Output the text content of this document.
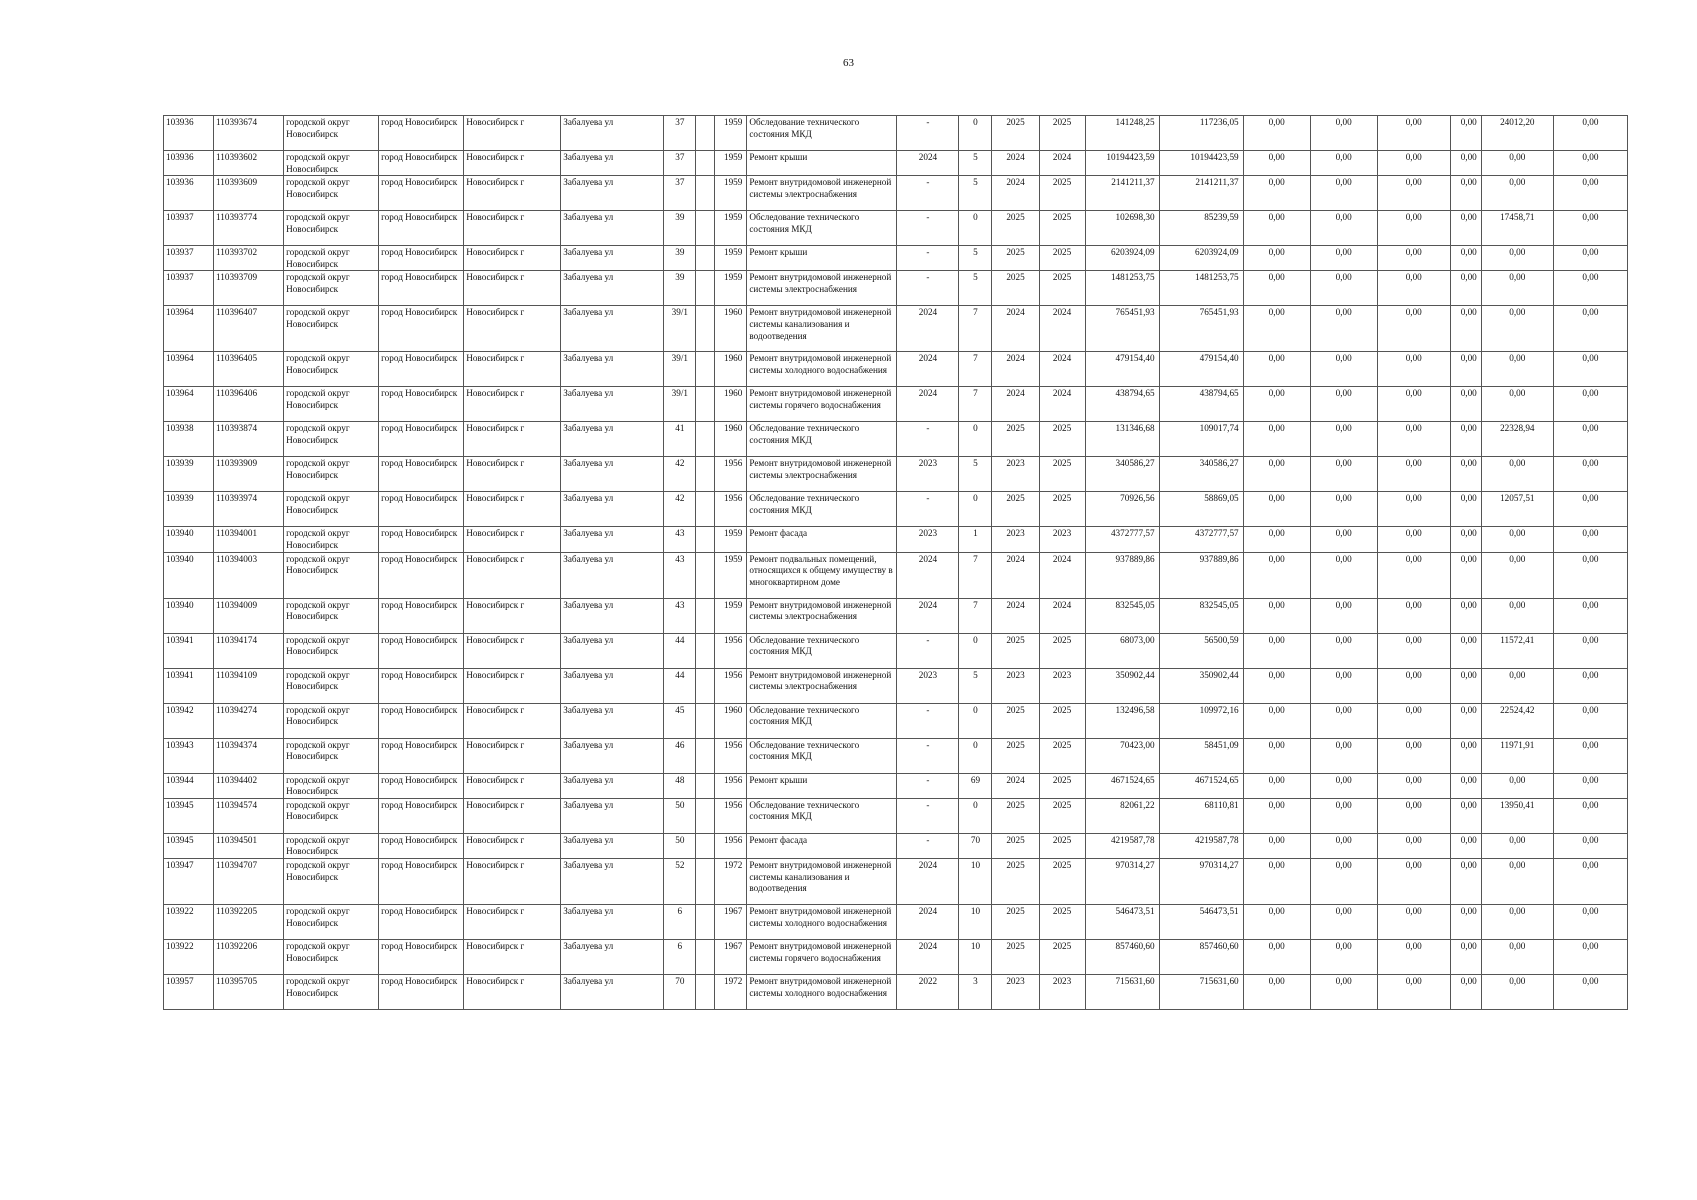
63
103936	110393674	городской округ Новосибирск	город Новосибирск	Новосибирск г	Забалуева ул	37		1959	Обследование технического состояния МКД	-	0	2025	2025	141248,25	117236,05	0,00	0,00	0,00	0,00	24012,20	0,00
103936	110393602	городской округ Новосибирск	город Новосибирск	Новосибирск г	Забалуева ул	37		1959	Ремонт крыши	2024	5	2024	2024	10194423,59	10194423,59	0,00	0,00	0,00	0,00	0,00	0,00
103936	110393609	городской округ Новосибирск	город Новосибирск	Новосибирск г	Забалуева ул	37		1959	Ремонт внутридомовой инженерной системы электроснабжения	-	5	2024	2025	2141211,37	2141211,37	0,00	0,00	0,00	0,00	0,00	0,00
103937	110393774	городской округ Новосибирск	город Новосибирск	Новосибирск г	Забалуева ул	39		1959	Обследование технического состояния МКД	-	0	2025	2025	102698,30	85239,59	0,00	0,00	0,00	0,00	17458,71	0,00
103937	110393702	городской округ Новосибирск	город Новосибирск	Новосибирск г	Забалуева ул	39		1959	Ремонт крыши	-	5	2025	2025	6203924,09	6203924,09	0,00	0,00	0,00	0,00	0,00	0,00
103937	110393709	городской округ Новосибирск	город Новосибирск	Новосибирск г	Забалуева ул	39		1959	Ремонт внутридомовой инженерной системы электроснабжения	-	5	2025	2025	1481253,75	1481253,75	0,00	0,00	0,00	0,00	0,00	0,00
103964	110396407	городской округ Новосибирск	город Новосибирск	Новосибирск г	Забалуева ул	39/1		1960	Ремонт внутридомовой инженерной системы канализования и водоотведения	2024	7	2024	2024	765451,93	765451,93	0,00	0,00	0,00	0,00	0,00	0,00
103964	110396405	городской округ Новосибирск	город Новосибирск	Новосибирск г	Забалуева ул	39/1		1960	Ремонт внутридомовой инженерной системы холодного водоснабжения	2024	7	2024	2024	479154,40	479154,40	0,00	0,00	0,00	0,00	0,00	0,00
103964	110396406	городской округ Новосибирск	город Новосибирск	Новосибирск г	Забалуева ул	39/1		1960	Ремонт внутридомовой инженерной системы горячего водоснабжения	2024	7	2024	2024	438794,65	438794,65	0,00	0,00	0,00	0,00	0,00	0,00
103938	110393874	городской округ Новосибирск	город Новосибирск	Новосибирск г	Забалуева ул	41		1960	Обследование технического состояния МКД	-	0	2025	2025	131346,68	109017,74	0,00	0,00	0,00	0,00	22328,94	0,00
103939	110393909	городской округ Новосибирск	город Новосибирск	Новосибирск г	Забалуева ул	42		1956	Ремонт внутридомовой инженерной системы электроснабжения	2023	5	2023	2025	340586,27	340586,27	0,00	0,00	0,00	0,00	0,00	0,00
103939	110393974	городской округ Новосибирск	город Новосибирск	Новосибирск г	Забалуева ул	42		1956	Обследование технического состояния МКД	-	0	2025	2025	70926,56	58869,05	0,00	0,00	0,00	0,00	12057,51	0,00
103940	110394001	городской округ Новосибирск	город Новосибирск	Новосибирск г	Забалуева ул	43		1959	Ремонт фасада	2023	1	2023	2023	4372777,57	4372777,57	0,00	0,00	0,00	0,00	0,00	0,00
103940	110394003	городской округ Новосибирск	город Новосибирск	Новосибирск г	Забалуева ул	43		1959	Ремонт подвальных помещений, относящихся к общему имуществу в многоквартирном доме	2024	7	2024	2024	937889,86	937889,86	0,00	0,00	0,00	0,00	0,00	0,00
103940	110394009	городской округ Новосибирск	город Новосибирск	Новосибирск г	Забалуева ул	43		1959	Ремонт внутридомовой инженерной системы электроснабжения	2024	7	2024	2024	832545,05	832545,05	0,00	0,00	0,00	0,00	0,00	0,00
103941	110394174	городской округ Новосибирск	город Новосибирск	Новосибирск г	Забалуева ул	44		1956	Обследование технического состояния МКД	-	0	2025	2025	68073,00	56500,59	0,00	0,00	0,00	0,00	11572,41	0,00
103941	110394109	городской округ Новосибирск	город Новосибирск	Новосибирск г	Забалуева ул	44		1956	Ремонт внутридомовой инженерной системы электроснабжения	2023	5	2023	2023	350902,44	350902,44	0,00	0,00	0,00	0,00	0,00	0,00
103942	110394274	городской округ Новосибирск	город Новосибирск	Новосибирск г	Забалуева ул	45		1960	Обследование технического состояния МКД	-	0	2025	2025	132496,58	109972,16	0,00	0,00	0,00	0,00	22524,42	0,00
103943	110394374	городской округ Новосибирск	город Новосибирск	Новосибирск г	Забалуева ул	46		1956	Обследование технического состояния МКД	-	0	2025	2025	70423,00	58451,09	0,00	0,00	0,00	0,00	11971,91	0,00
103944	110394402	городской округ Новосибирск	город Новосибирск	Новосибирск г	Забалуева ул	48		1956	Ремонт крыши	-	69	2024	2025	4671524,65	4671524,65	0,00	0,00	0,00	0,00	0,00	0,00
103945	110394574	городской округ Новосибирск	город Новосибирск	Новосибирск г	Забалуева ул	50		1956	Обследование технического состояния МКД	-	0	2025	2025	82061,22	68110,81	0,00	0,00	0,00	0,00	13950,41	0,00
103945	110394501	городской округ Новосибирск	город Новосибирск	Новосибирск г	Забалуева ул	50		1956	Ремонт фасада	-	70	2025	2025	4219587,78	4219587,78	0,00	0,00	0,00	0,00	0,00	0,00
103947	110394707	городской округ Новосибирск	город Новосибирск	Новосибирск г	Забалуева ул	52		1972	Ремонт внутридомовой инженерной системы канализования и водоотведения	2024	10	2025	2025	970314,27	970314,27	0,00	0,00	0,00	0,00	0,00	0,00
103922	110392205	городской округ Новосибирск	город Новосибирск	Новосибирск г	Забалуева ул	6		1967	Ремонт внутридомовой инженерной системы холодного водоснабжения	2024	10	2025	2025	546473,51	546473,51	0,00	0,00	0,00	0,00	0,00	0,00
103922	110392206	городской округ Новосибирск	город Новосибирск	Новосибирск г	Забалуева ул	6		1967	Ремонт внутридомовой инженерной системы горячего водоснабжения	2024	10	2025	2025	857460,60	857460,60	0,00	0,00	0,00	0,00	0,00	0,00
103957	110395705	городской округ Новосибирск	город Новосибирск	Новосибирск г	Забалуева ул	70		1972	Ремонт внутридомовой инженерной системы холодного водоснабжения	2022	3	2023	2023	715631,60	715631,60	0,00	0,00	0,00	0,00	0,00	0,00
